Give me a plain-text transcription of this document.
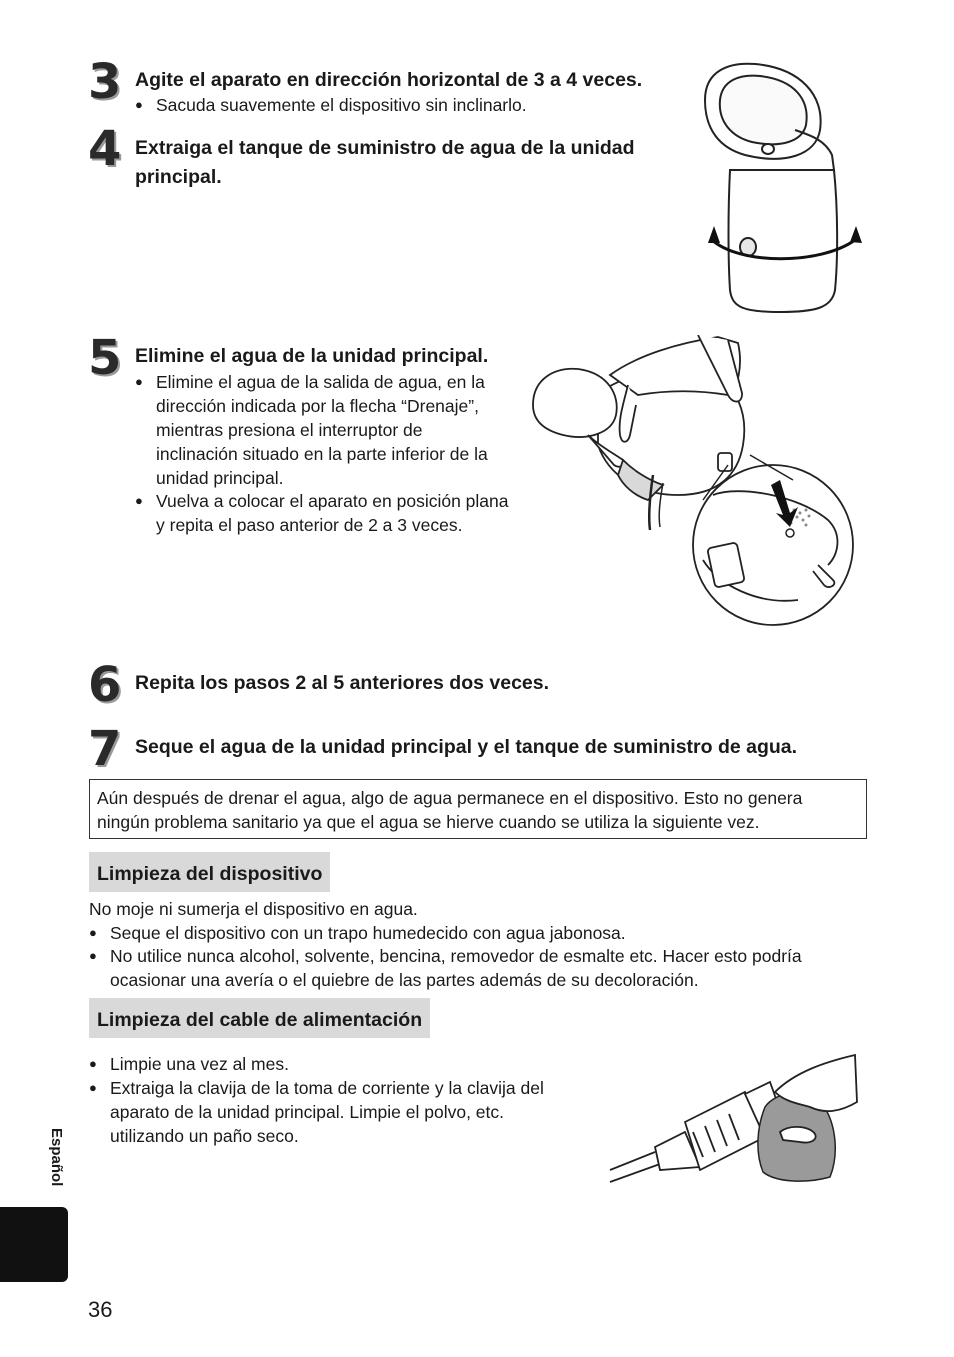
3 Agite el aparato en dirección horizontal de 3 a 4 veces.
● Sacuda suavemente el dispositivo sin inclinarlo.
4 Extraiga el tanque de suministro de agua de la unidad
principal.
5 Elimine el agua de la unidad principal.
● Elimine el agua de la salida de agua, en la
dirección indicada por la flecha “Drenaje”,
mientras presiona el interruptor de
inclinación situado en la parte inferior de la
unidad principal.
● Vuelva a colocar el aparato en posición plana
y repita el paso anterior de 2 a 3 veces.
6 Repita los pasos 2 al 5 anteriores dos veces.
7 Seque el agua de la unidad principal y el tanque de suministro de agua.
Aún después de drenar el agua, algo de agua permanece en el dispositivo. Esto no genera
ningún problema sanitario ya que el agua se hierve cuando se utiliza la siguiente vez.
Limpieza del dispositivo
No moje ni sumerja el dispositivo en agua.
● Seque el dispositivo con un trapo humedecido con agua jabonosa.
● No utilice nunca alcohol, solvente, bencina, removedor de esmalte etc. Hacer esto podría
ocasionar una avería o el quiebre de las partes además de su decoloración.
Limpieza del cable de alimentación
● Limpie una vez al mes.
● Extraiga la clavija de la toma de corriente y la clavija del
aparato de la unidad principal. Limpie el polvo, etc.
utilizando un paño seco.
Español
36
